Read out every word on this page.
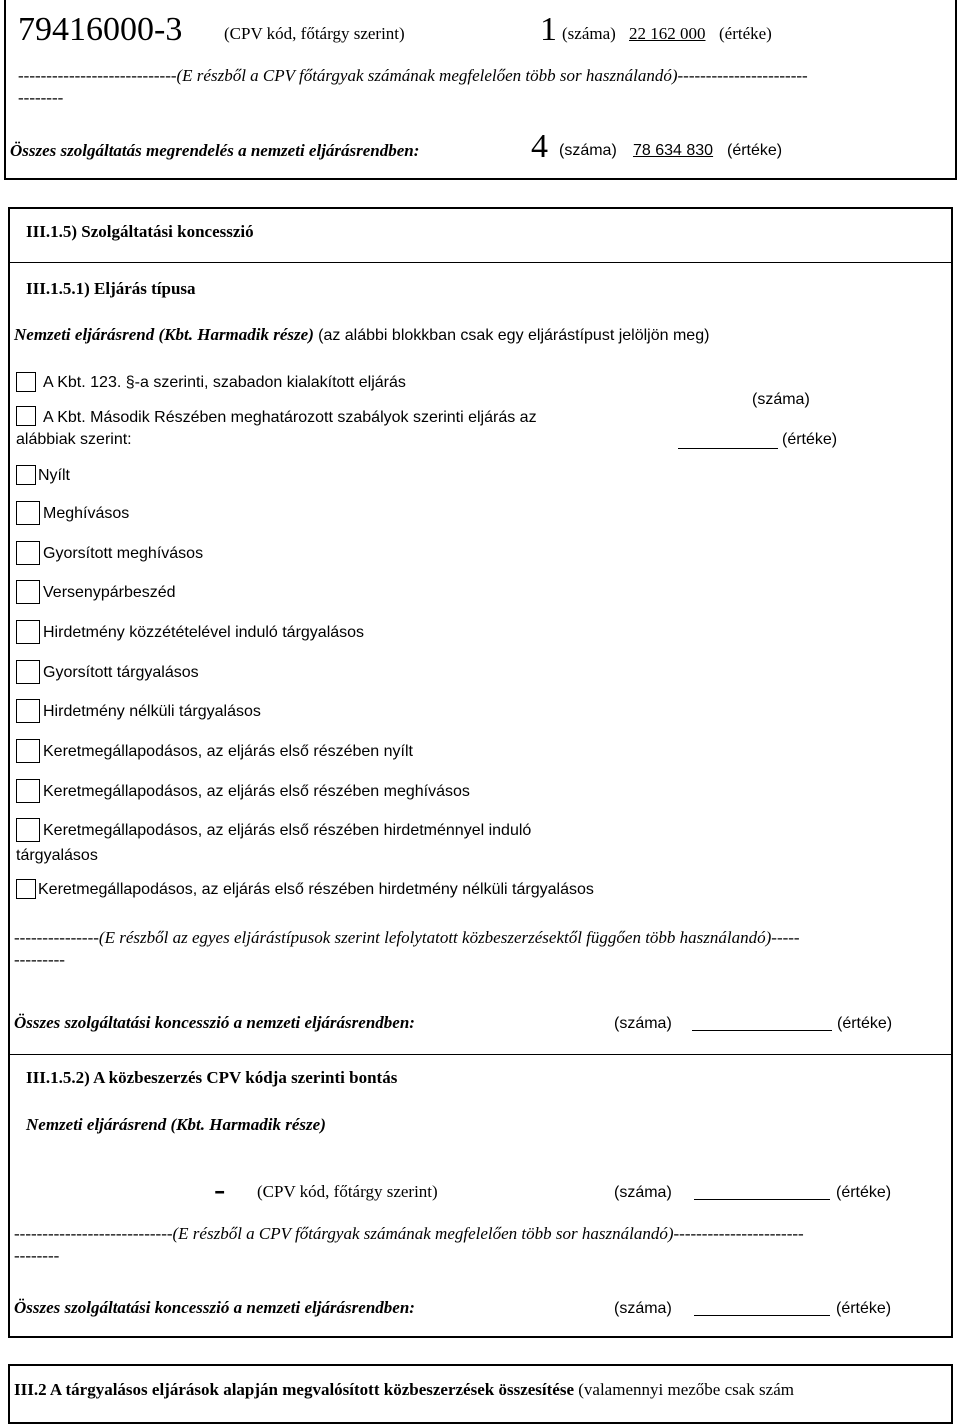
79416000-3 (CPV kód, főtárgy szerint)	1 (száma) 22 162 000 (értéke)
----------------------------(E részből a CPV főtárgyak számának megfelelően több sor használandó)-----------------------
--------
Összes szolgáltatás megrendelés a nemzeti eljárásrendben:	4 (száma) 78 634 830 (értéke)
III.1.5) Szolgáltatási koncesszió
III.1.5.1) Eljárás típusa
Nemzeti eljárásrend (Kbt. Harmadik része) (az alábbi blokkban csak egy eljárástípust jelöljön meg)
A Kbt. 123. §-a szerinti, szabadon kialakított eljárás
A Kbt. Második Részében meghatározott szabályok szerinti eljárás az
alábbiak szerint:
(száma)
(értéke)
Nyílt
Meghívásos
Gyorsított meghívásos
Versenypárbeszéd
Hirdetmény közzétételével induló tárgyalásos
Gyorsított tárgyalásos
Hirdetmény nélküli tárgyalásos
Keretmegállapodásos, az eljárás első részében nyílt
Keretmegállapodásos, az eljárás első részében meghívásos
Keretmegállapodásos, az eljárás első részében hirdetménnyel induló
tárgyalásos
Keretmegállapodásos, az eljárás első részében hirdetmény nélküli tárgyalásos
---------------(E részből az egyes eljárástípusok szerint lefolytatott közbeszerzésektől függően több használandó)-----
---------
Összes szolgáltatási koncesszió a nemzeti eljárásrendben:	(száma)	(értéke)
III.1.5.2) A közbeszerzés CPV kódja szerinti bontás
Nemzeti eljárásrend (Kbt. Harmadik része)
- (CPV kód, főtárgy szerint)	(száma)	(értéke)
----------------------------(E részből a CPV főtárgyak számának megfelelően több sor használandó)-----------------------
--------
Összes szolgáltatási koncesszió a nemzeti eljárásrendben:	(száma)	(értéke)
III.2 A tárgyalásos eljárások alapján megvalósított közbeszerzések összesítése (valamennyi mezőbe csak szám
